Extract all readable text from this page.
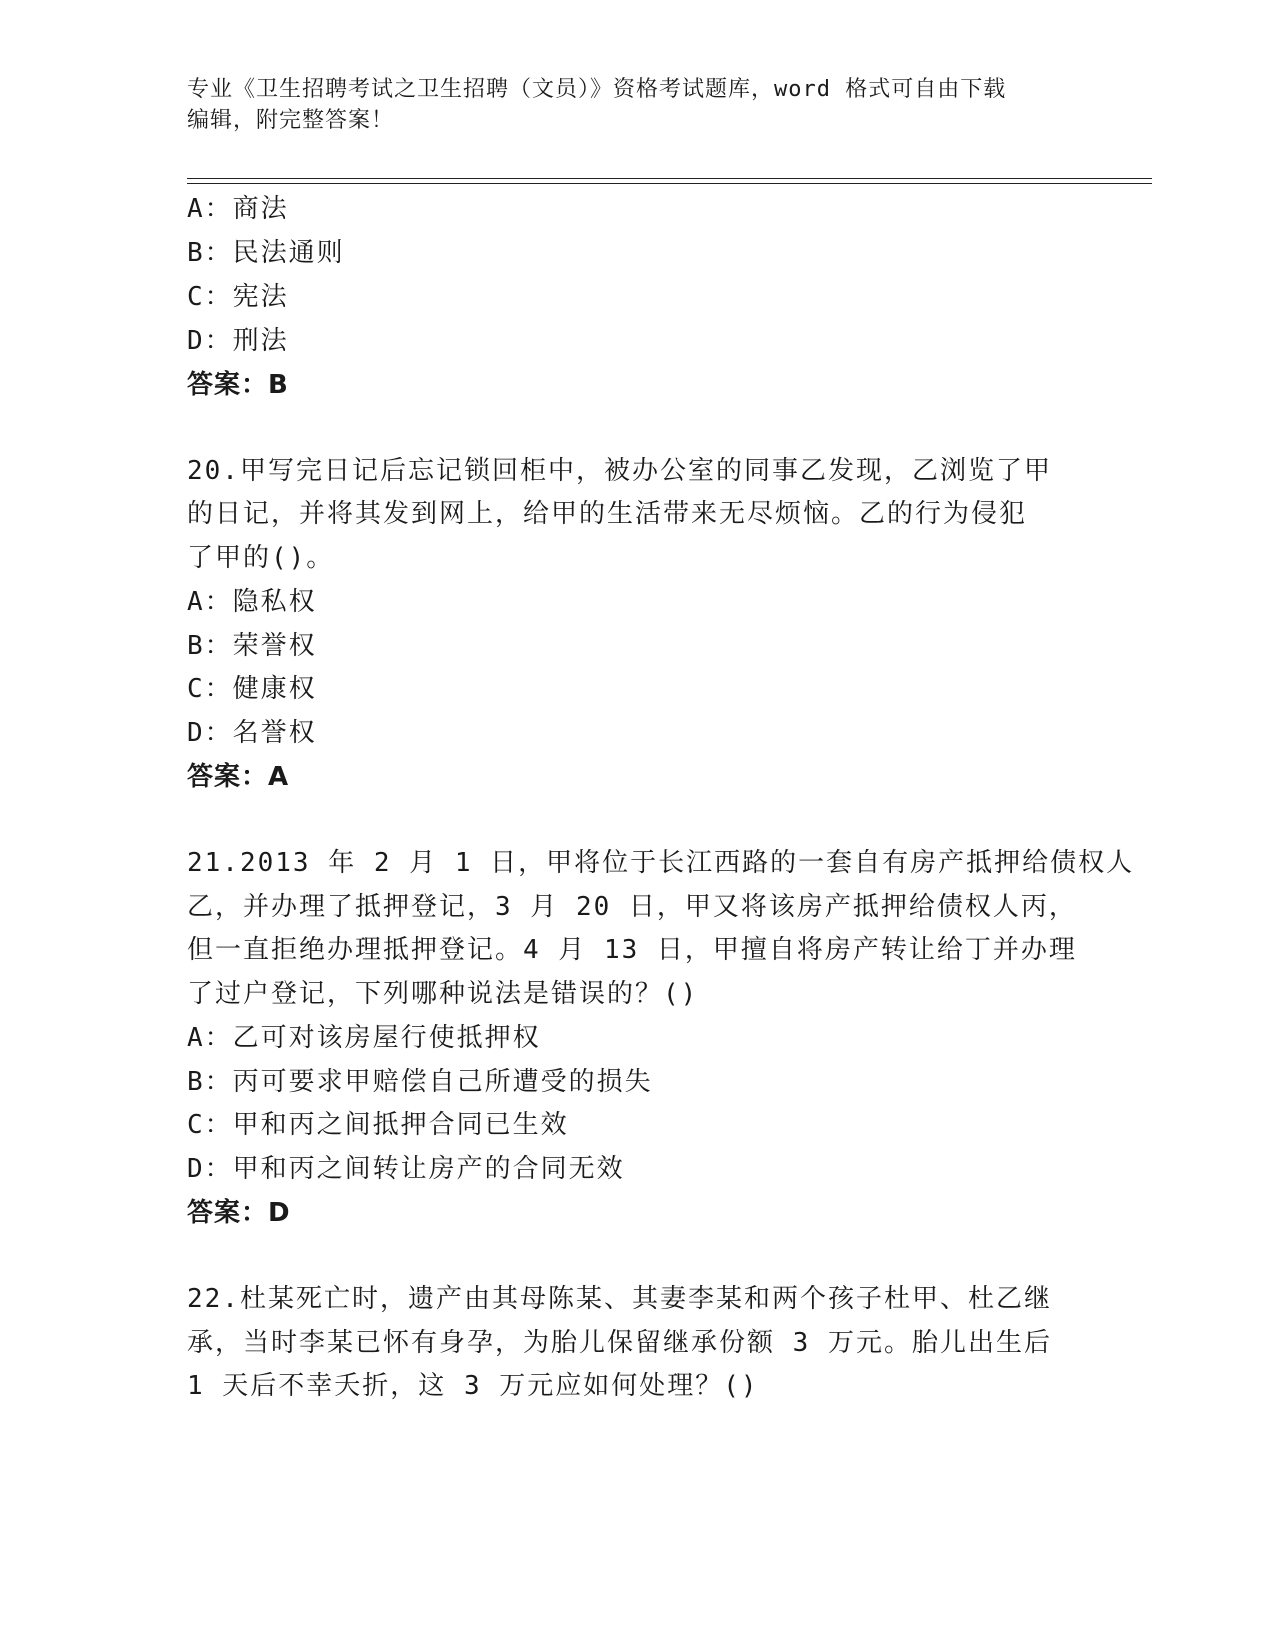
专业《卫生招聘考试之卫生招聘（文员）》资格考试题库，word 格式可自由下载
编辑，附完整答案！
A：商法
B：民法通则
C：宪法
D：刑法
答案：B
20.甲写完日记后忘记锁回柜中，被办公室的同事乙发现，乙浏览了甲
的日记，并将其发到网上，给甲的生活带来无尽烦恼。乙的行为侵犯
了甲的()。
A：隐私权
B：荣誉权
C：健康权
D：名誉权
答案：A
21.2013 年 2 月 1 日，甲将位于长江西路的一套自有房产抵押给债权人
乙，并办理了抵押登记，3 月 20 日，甲又将该房产抵押给债权人丙，
但一直拒绝办理抵押登记。4 月 13 日，甲擅自将房产转让给丁并办理
了过户登记，下列哪种说法是错误的？()
A：乙可对该房屋行使抵押权
B：丙可要求甲赔偿自己所遭受的损失
C：甲和丙之间抵押合同已生效
D：甲和丙之间转让房产的合同无效
答案：D
22.杜某死亡时，遗产由其母陈某、其妻李某和两个孩子杜甲、杜乙继
承，当时李某已怀有身孕，为胎儿保留继承份额 3 万元。胎儿出生后
1 天后不幸夭折，这 3 万元应如何处理？()
